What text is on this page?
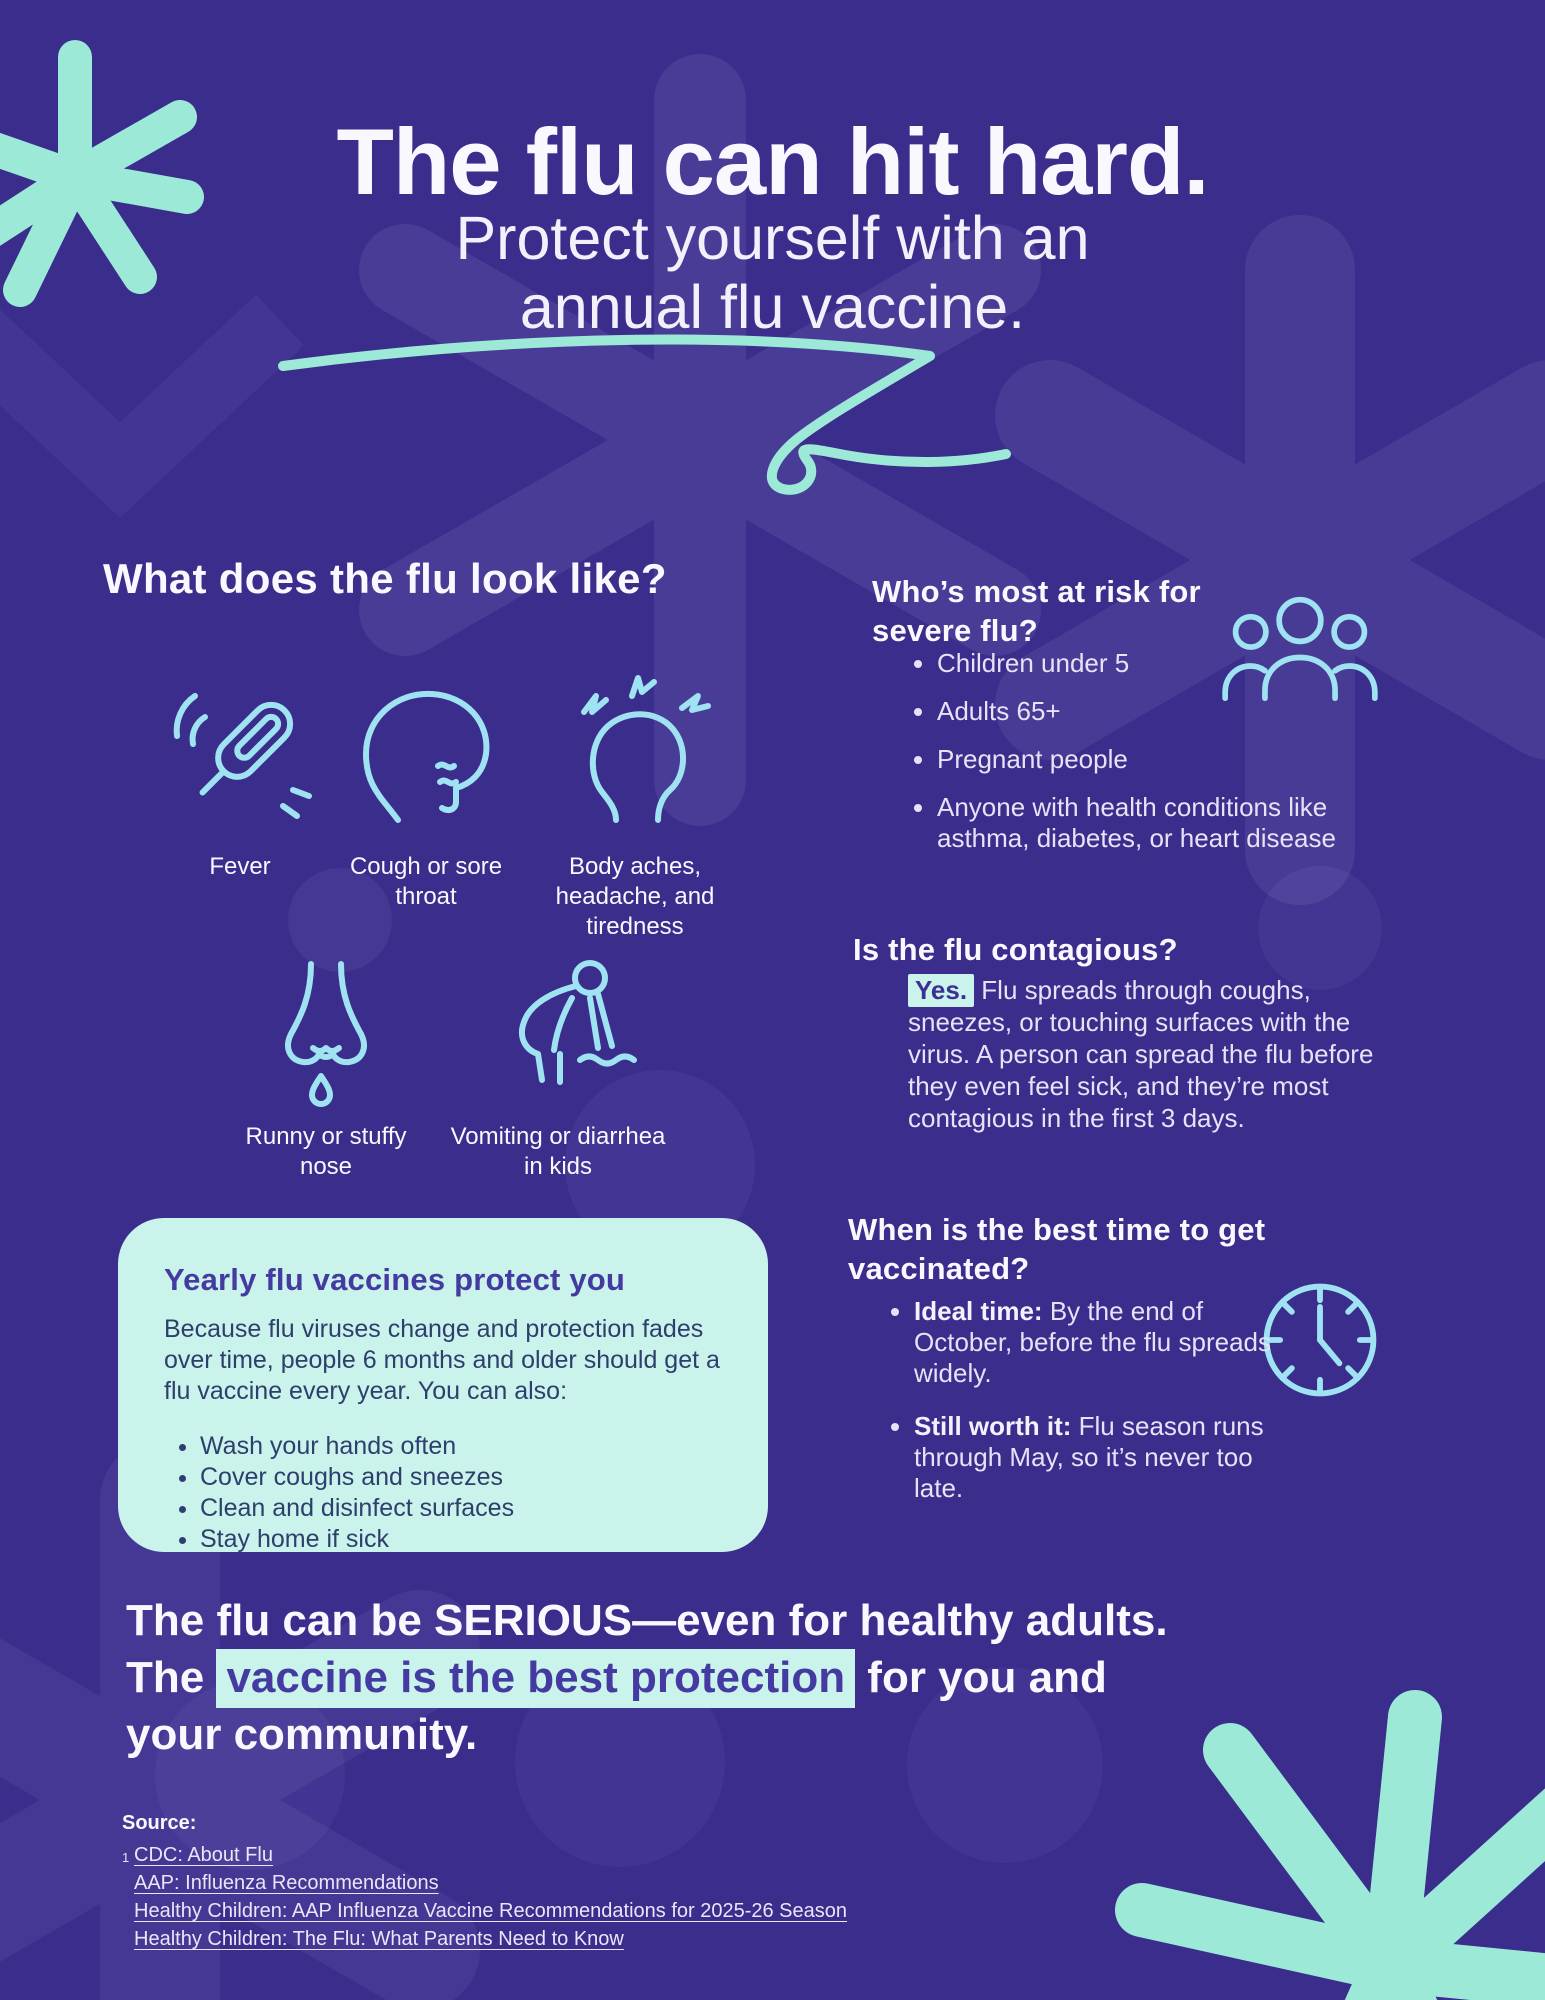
The flu can hit hard.
Protect yourself with an
annual flu vaccine.
What does the flu look like?
Fever	Cough or sore throat
Body aches, headache, and tiredness
Runny or stuffy nose
Vomiting or diarrhea in kids
Yearly flu vaccines protect you

Because flu viruses change and protection fades over time, people 6 months and older should get a flu vaccine every year. You can also:

• Wash your hands often
• Cover coughs and sneezes
• Clean and disinfect surfaces
• Stay home if sick
Who’s most at risk for severe flu?
• Children under 5
• Adults 65+
• Pregnant people
• Anyone with health conditions like asthma, diabetes, or heart disease
Is the flu contagious?

Yes. Flu spreads through coughs, sneezes, or touching surfaces with the virus. A person can spread the flu before they even feel sick, and they’re most contagious in the first 3 days.

When is the best time to get vaccinated?
• Ideal time: By the end of October, before the flu spreads widely.
• Still worth it: Flu season runs through May, so it’s never too late.
The flu can be SERIOUS—even for healthy adults.
The vaccine is the best protection for you and
your community.
Source:
1 CDC: About Flu
AAP: Influenza Recommendations
Healthy Children: AAP Influenza Vaccine Recommendations for 2025-26 Season
Healthy Children: The Flu: What Parents Need to Know
